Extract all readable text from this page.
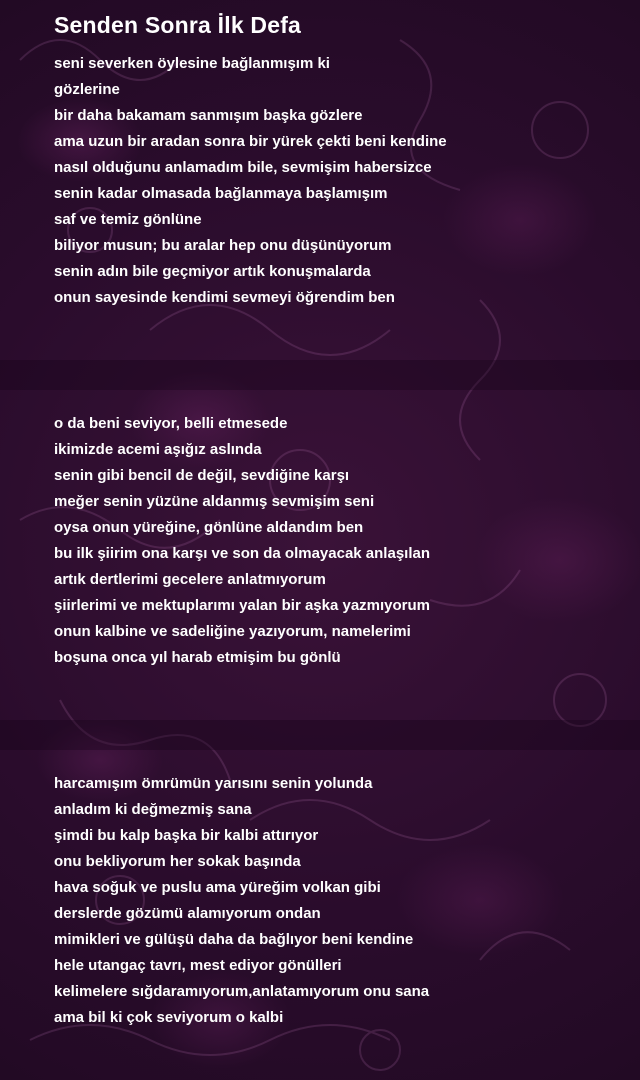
Senden Sonra İlk Defa
seni severken öylesine bağlanmışım ki
gözlerine
bir daha bakamam sanmışım başka gözlere
ama uzun bir aradan sonra bir yürek çekti beni kendine
nasıl olduğunu anlamadım bile, sevmişim habersizce
senin kadar olmasada bağlanmaya başlamışım
saf ve temiz gönlüne
biliyor musun; bu aralar hep onu düşünüyorum
senin adın bile geçmiyor artık konuşmalarda
onun sayesinde kendimi sevmeyi öğrendim ben
o da beni seviyor, belli etmesede
ikimizde acemi aşığız aslında
senin gibi bencil de değil, sevdiğine karşı
meğer senin yüzüne aldanmış sevmişim seni
oysa onun yüreğine, gönlüne aldandım ben
bu ilk şiirim ona karşı ve son da olmayacak anlaşılan
artık dertlerimi gecelere anlatmıyorum
şiirlerimi ve mektuplarımı yalan bir aşka yazmıyorum
onun kalbine ve sadeliğine yazıyorum, namelerimi
boşuna onca yıl harab etmişim bu gönlü
harcamışım ömrümün yarısını senin yolunda
anladım ki değmezmiş sana
şimdi bu kalp başka bir kalbi attırıyor
onu bekliyorum her sokak başında
hava soğuk ve puslu ama yüreğim volkan gibi
derslerde gözümü alamıyorum ondan
mimikleri ve gülüşü daha da bağlıyor beni kendine
hele utangaç tavrı, mest ediyor gönülleri
kelimelere sığdaramıyorum,anlatamıyorum onu sana
ama bil ki çok seviyorum o kalbi
